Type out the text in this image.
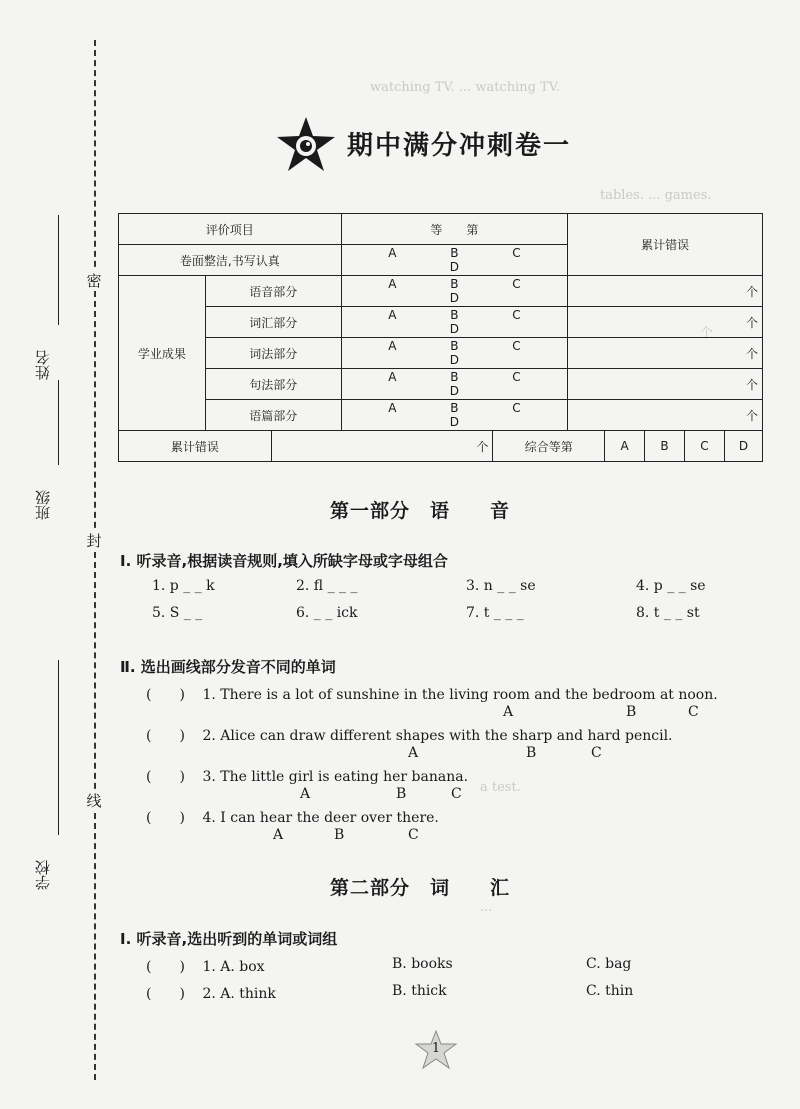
密
封
线
姓名
班级
学校
watching TV. ... watching TV.
tables. ... games.
个
a test.
...
期中满分冲刺卷一
评价项目			等　　第		累计错误				
卷面整洁,书写认真			A B CD						
学业成果	语音部分		A B CD		个				

	词汇部分		A B CD		个				

	词法部分		A B CD		个				

	句法部分		A B CD		个				

	语篇部分		A B CD		个				

累计错误		个		综合等第		A	B	C	D
第一部分　语　　音
Ⅰ. 听录音,根据读音规则,填入所缺字母或字母组合
1. p _ _ k	2. fl _ _ _	3. n _ _ se	4. p _ _ se
5. S _ _	6. _ _ ick	7. t _ _ _	8. t _ _ st
Ⅱ. 选出画线部分发音不同的单词
(　　) 1. There is a lot of sunshine in the living room and the bedroom at noon.
A	B	C
(　　) 2. Alice can draw different shapes with the sharp and hard pencil.
A	B	C
(　　) 3. The little girl is eating her banana.
A	B	C
(　　) 4. I can hear the deer over there.
A	B	C
第二部分　词　　汇
Ⅰ. 听录音,选出听到的单词或词组
(　　) 1. A. box	B. books	C. bag
(　　) 2. A. think	B. thick	C. thin
1
